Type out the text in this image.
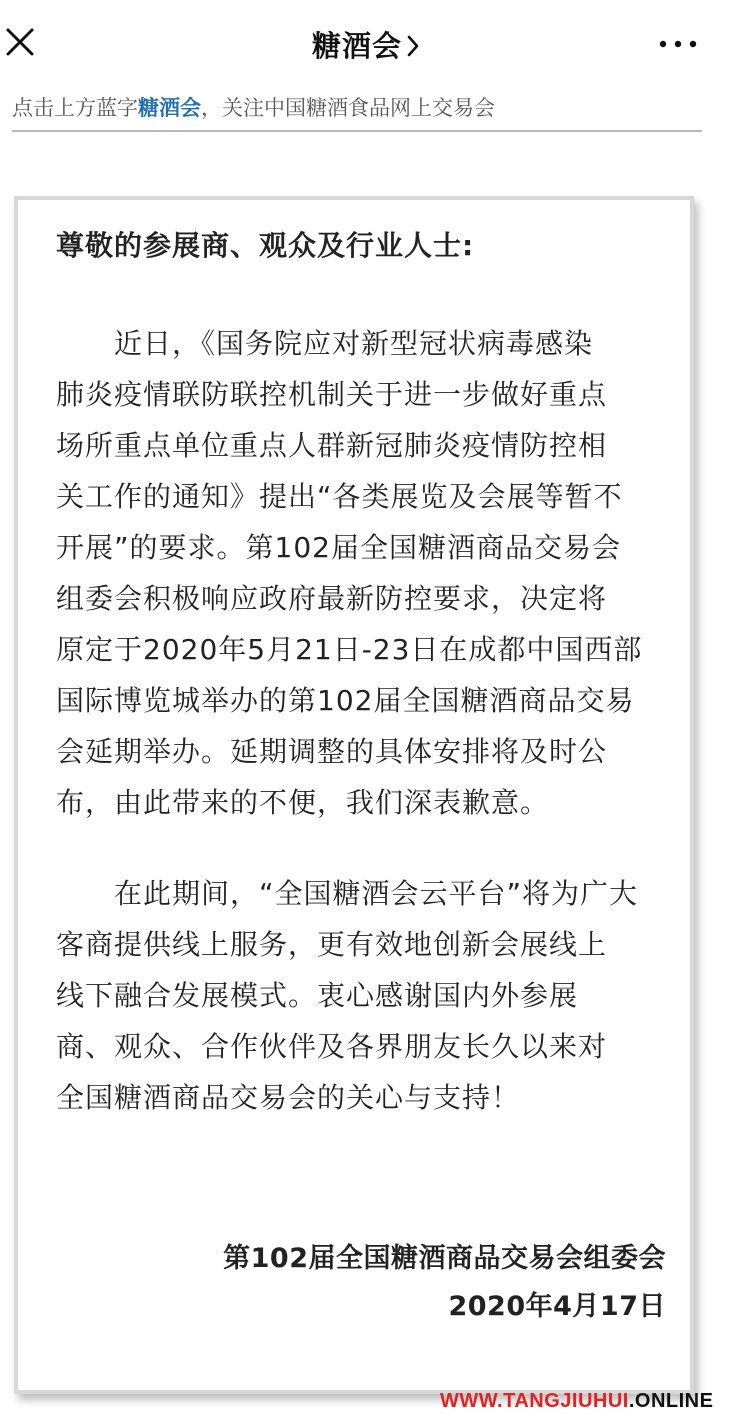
糖酒会
点击上方蓝字糖酒会，关注中国糖酒食品网上交易会
尊敬的参展商、观众及行业人士:
近日，《国务院应对新型冠状病毒感染
肺炎疫情联防联控机制关于进一步做好重点
场所重点单位重点人群新冠肺炎疫情防控相
关工作的通知》提出“各类展览及会展等暂不
开展”的要求。第102届全国糖酒商品交易会
组委会积极响应政府最新防控要求，决定将
原定于2020年5月21日-23日在成都中国西部
国际博览城举办的第102届全国糖酒商品交易
会延期举办。延期调整的具体安排将及时公
布，由此带来的不便，我们深表歉意。
在此期间，“全国糖酒会云平台”将为广大
客商提供线上服务，更有效地创新会展线上
线下融合发展模式。衷心感谢国内外参展
商、观众、合作伙伴及各界朋友长久以来对
全国糖酒商品交易会的关心与支持！
第102届全国糖酒商品交易会组委会
2020年4月17日
WWW.TANGJIUHUI.ONLINE
